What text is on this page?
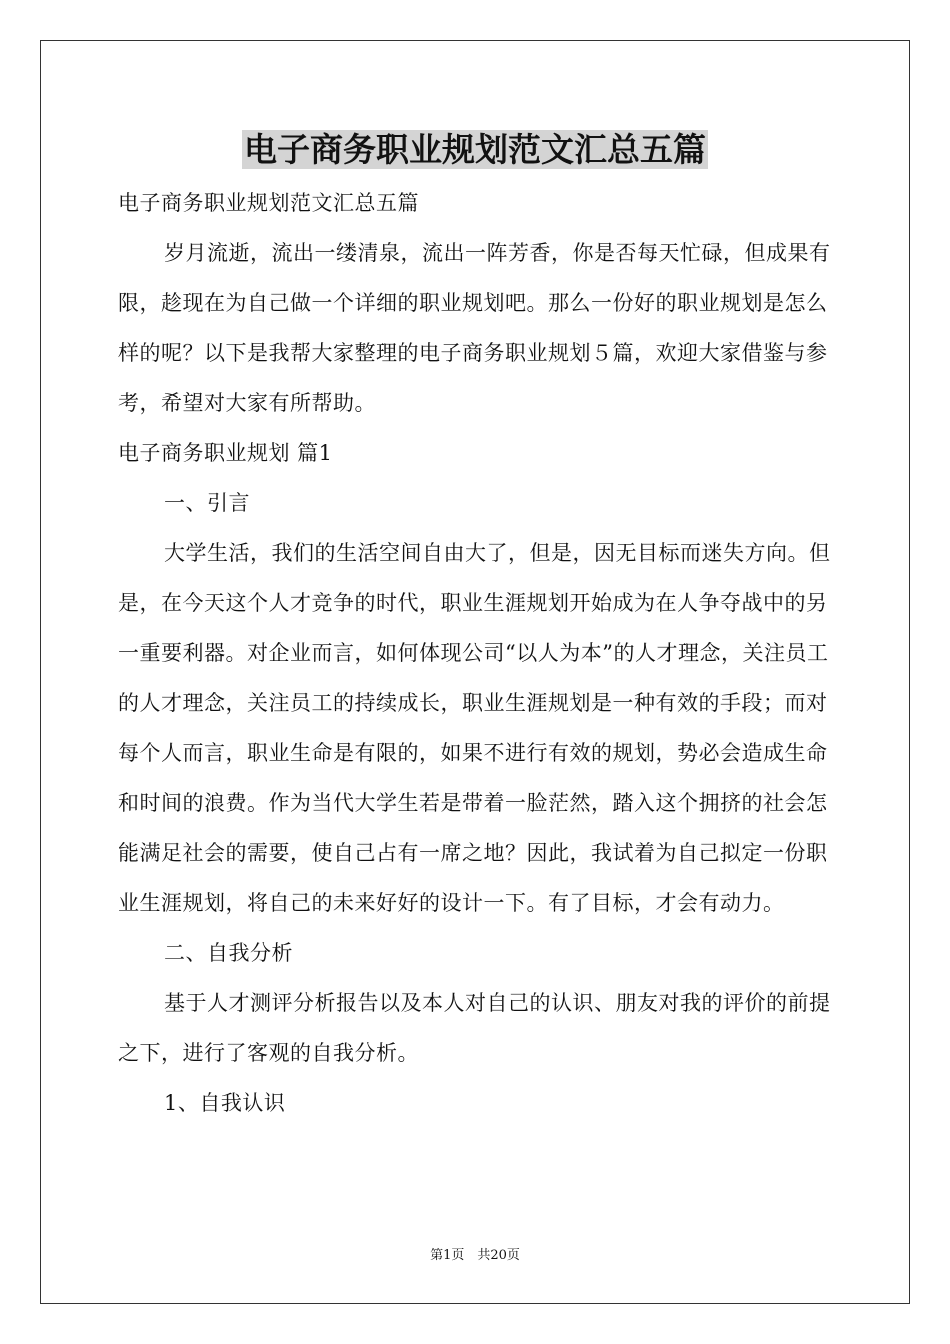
电子商务职业规划范文汇总五篇

电子商务职业规划范文汇总五篇

岁月流逝，流出一缕清泉，流出一阵芳香，你是否每天忙碌，但成果有限，趁现在为自己做一个详细的职业规划吧。那么一份好的职业规划是怎么样的呢？以下是我帮大家整理的电子商务职业规划５篇，欢迎大家借鉴与参考，希望对大家有所帮助。

电子商务职业规划 篇1

一、引言

大学生活，我们的生活空间自由大了，但是，因无目标而迷失方向。但是，在今天这个人才竞争的时代，职业生涯规划开始成为在人争夺战中的另一重要利器。对企业而言，如何体现公司“以人为本”的人才理念，关注员工的人才理念，关注员工的持续成长，职业生涯规划是一种有效的手段；而对每个人而言，职业生命是有限的，如果不进行有效的规划，势必会造成生命和时间的浪费。作为当代大学生若是带着一脸茫然，踏入这个拥挤的社会怎能满足社会的需要，使自己占有一席之地？因此，我试着为自己拟定一份职业生涯规划，将自己的未来好好的设计一下。有了目标，才会有动力。

二、自我分析

基于人才测评分析报告以及本人对自己的认识、朋友对我的评价的前提之下，进行了客观的自我分析。

1、自我认识

第1页　共20页
